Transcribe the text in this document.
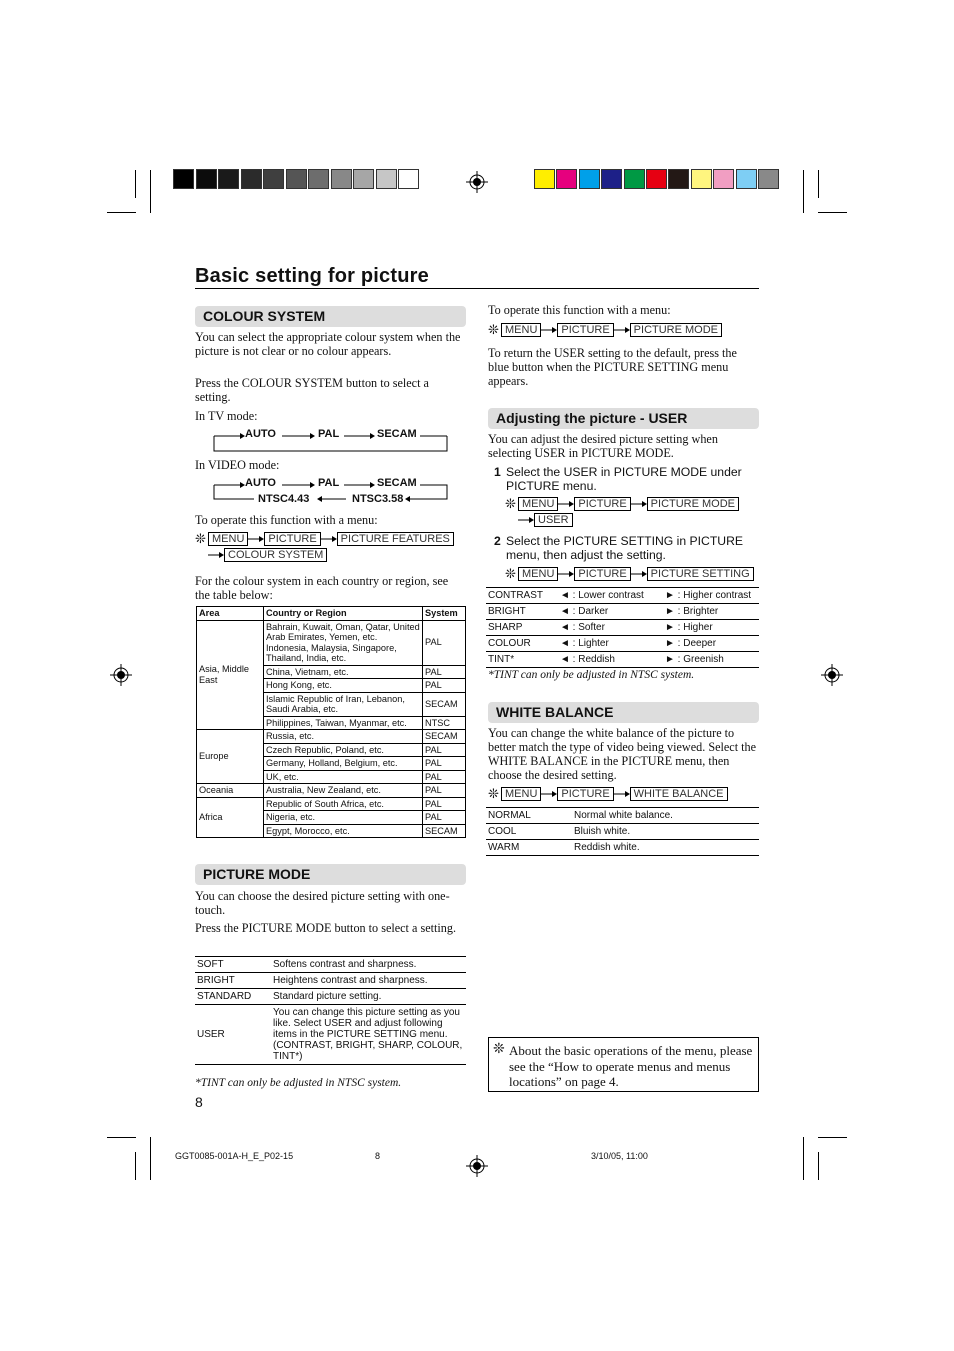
Basic setting for picture
COLOUR SYSTEM
You can select the appropriate colour system when the picture is not clear or no colour appears.
Press the COLOUR SYSTEM button to select a setting.
In TV mode:
AUTO	PAL	SECAM
In VIDEO mode:
AUTO	PAL	SECAM
NTSC4.43	NTSC3.58
To operate this function with a menu:
❊ MENU	PICTURE	PICTURE FEATURES
COLOUR SYSTEM
For the colour system in each country or region, see the table below:
Area	Country or Region	System
Asia, Middle East	Bahrain, Kuwait, Oman, Qatar, United Arab Emirates, Yemen, etc. Indonesia, Malaysia, Singapore, Thailand, India, etc.	PAL
	China, Vietnam, etc.	PAL
	Hong Kong, etc.	PAL
	Islamic Republic of Iran, Lebanon, Saudi Arabia, etc.	SECAM
	Philippines, Taiwan, Myanmar, etc.	NTSC
Europe	Russia, etc.	SECAM
	Czech Republic, Poland, etc.	PAL
	Germany, Holland, Belgium, etc.	PAL
	UK, etc.	PAL
Oceania	Australia, New Zealand, etc.	PAL
Africa	Republic of South Africa, etc.	PAL
	Nigeria, etc.	PAL
	Egypt, Morocco, etc.	SECAM
PICTURE MODE
You can choose the desired picture setting with one-touch.
Press the PICTURE MODE button to select a setting.
SOFT	Softens contrast and sharpness.
BRIGHT	Heightens contrast and sharpness.
STANDARD	Standard picture setting.
USER	You can change this picture setting as you like. Select USER and adjust following items in the PICTURE SETTING menu. (CONTRAST, BRIGHT, SHARP, COLOUR, TINT*)
*TINT can only be adjusted in NTSC system.
8
To operate this function with a menu:
❊ MENU	PICTURE	PICTURE MODE
To return the USER setting to the default, press the blue button when the PICTURE SETTING menu appears.
Adjusting the picture - USER
You can adjust the desired picture setting when selecting USER in PICTURE MODE.
1 Select the USER in PICTURE MODE under PICTURE menu.
❊ MENU	PICTURE	PICTURE MODE
USER
2 Select the PICTURE SETTING in PICTURE menu, then adjust the setting.
❊ MENU	PICTURE	PICTURE SETTING
CONTRAST	◄ : Lower contrast	► : Higher contrast
BRIGHT	◄ : Darker	► : Brighter
SHARP	◄ : Softer	► : Higher
COLOUR	◄ : Lighter	► : Deeper
TINT*	◄ : Reddish	► : Greenish
*TINT can only be adjusted in NTSC system.
WHITE BALANCE
You can change the white balance of the picture to better match the type of video being viewed. Select the WHITE BALANCE in the PICTURE menu, then choose the desired setting.
❊ MENU	PICTURE	WHITE BALANCE
NORMAL	Normal white balance.
COOL	Bluish white.
WARM	Reddish white.
❊ About the basic operations of the menu, please see the “How to operate menus and menus locations” on page 4.
GGT0085-001A-H_E_P02-15	8	3/10/05, 11:00
